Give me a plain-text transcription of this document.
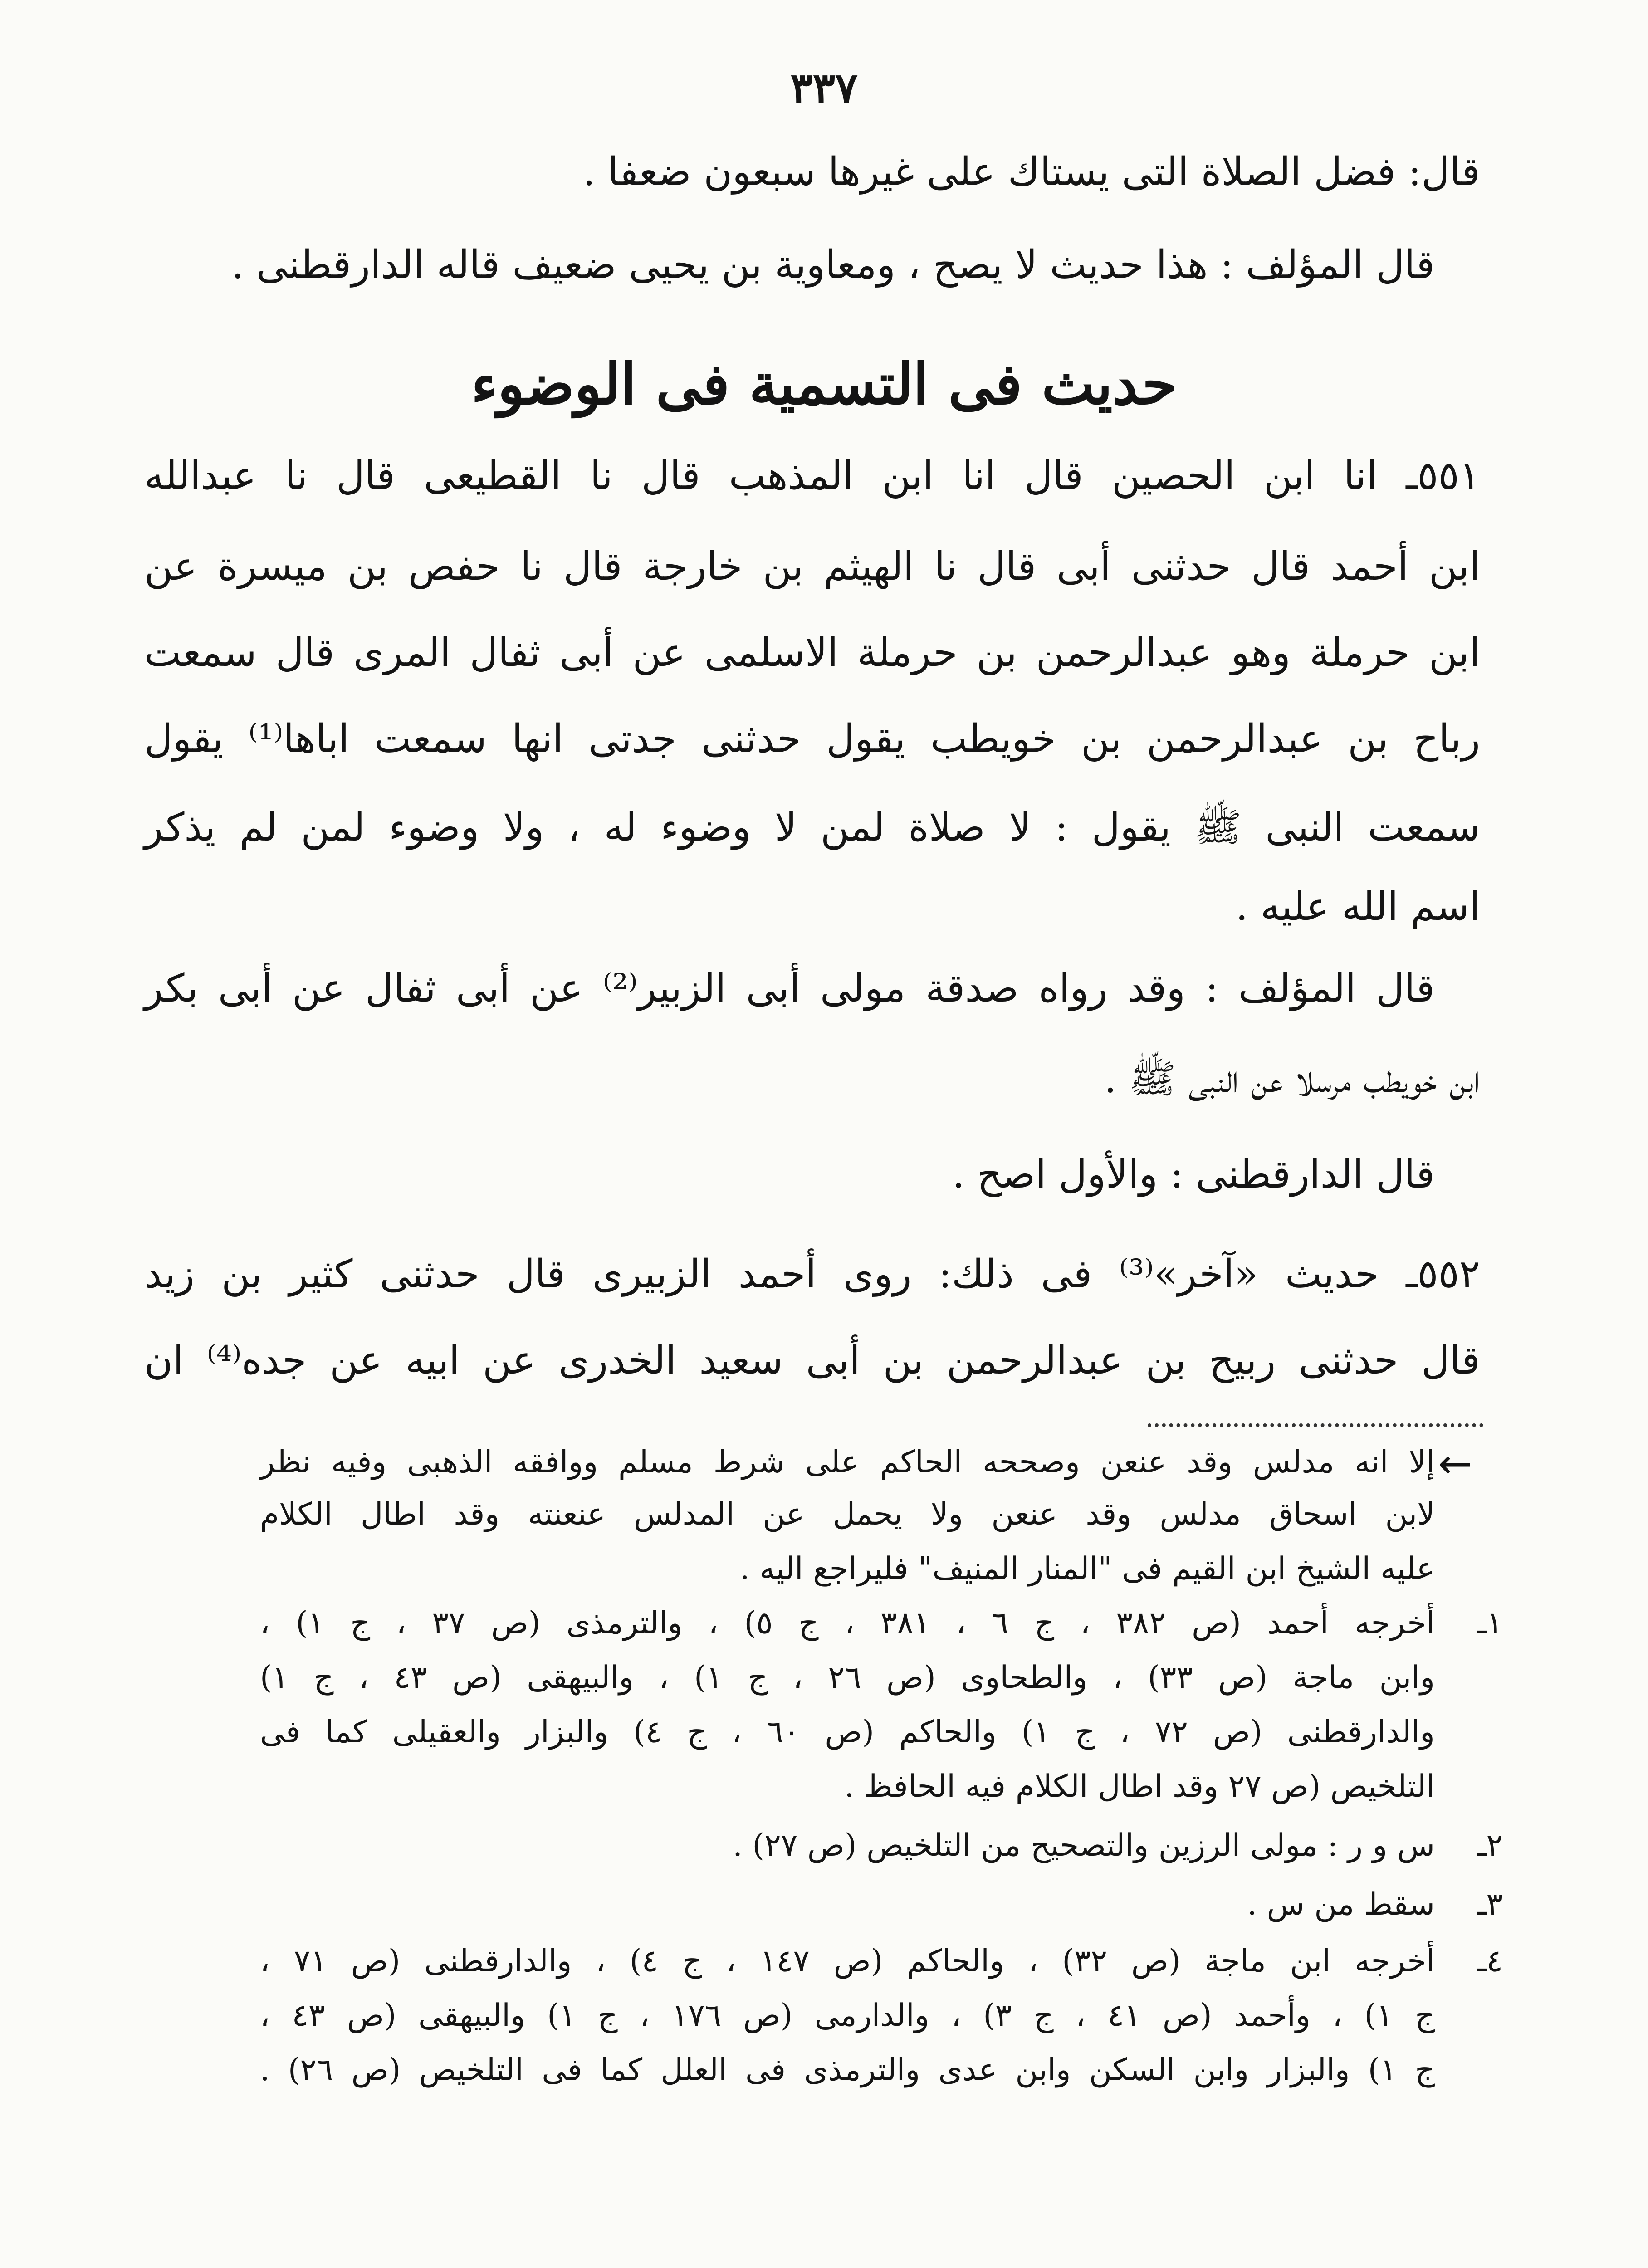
٣٣٧
قال: فضل الصلاة التى يستاك على غيرها سبعون ضعفا .
قال المؤلف : هذا حديث لا يصح ، ومعاوية بن يحيى ضعيف قاله الدارقطنى .
حديث فى التسمية فى الوضوء
٥٥١ـ انا ابن الحصين قال انا ابن المذهب قال نا القطيعى قال نا عبدالله
ابن أحمد قال حدثنى أبى قال نا الهيثم بن خارجة قال نا حفص بن ميسرة عن
ابن حرملة وهو عبدالرحمن بن حرملة الاسلمى عن أبى ثفال المرى قال سمعت
رباح بن عبدالرحمن بن خويطب يقول حدثنى جدتى انها سمعت اباها⁽¹⁾ يقول
سمعت النبى ﷺ يقول : لا صلاة لمن لا وضوء له ، ولا وضوء لمن لم يذكر
اسم الله عليه .
قال المؤلف : وقد رواه صدقة مولى أبى الزبير⁽²⁾ عن أبى ثفال عن أبى بكر
ابن خويطب مرسلا عن النبى ﷺ .
قال الدارقطنى : والأول اصح .
٥٥٢ـ حديث «آخر»⁽³⁾ فى ذلك: روى أحمد الزبيرى قال حدثنى كثير بن زيد
قال حدثنى ربيح بن عبدالرحمن بن أبى سعيد الخدرى عن ابيه عن جده⁽⁴⁾ ان
←
إلا انه مدلس وقد عنعن وصححه الحاكم على شرط مسلم ووافقه الذهبى وفيه نظر
لابن اسحاق مدلس وقد عنعن ولا يحمل عن المدلس عنعنته وقد اطال الكلام
عليه الشيخ ابن القيم فى "المنار المنيف" فليراجع اليه .
١ـ
أخرجه أحمد (ص ٣٨٢ ، ج ٦ ، ٣٨١ ، ج ٥) ، والترمذى (ص ٣٧ ، ج ١) ،
وابن ماجة (ص ٣٣) ، والطحاوى (ص ٢٦ ، ج ١) ، والبيهقى (ص ٤٣ ، ج ١)
والدارقطنى (ص ٧٢ ، ج ١) والحاكم (ص ٦٠ ، ج ٤) والبزار والعقيلى كما فى
التلخيص (ص ٢٧ وقد اطال الكلام فيه الحافظ .
٢ـ
س و ر : مولى الرزين والتصحيح من التلخيص (ص ٢٧) .
٣ـ
سقط من س .
٤ـ
أخرجه ابن ماجة (ص ٣٢) ، والحاكم (ص ١٤٧ ، ج ٤) ، والدارقطنى (ص ٧١ ،
ج ١) ، وأحمد (ص ٤١ ، ج ٣) ، والدارمى (ص ١٧٦ ، ج ١) والبيهقى (ص ٤٣ ،
ج ١) والبزار وابن السكن وابن عدى والترمذى فى العلل كما فى التلخيص (ص ٢٦) .
